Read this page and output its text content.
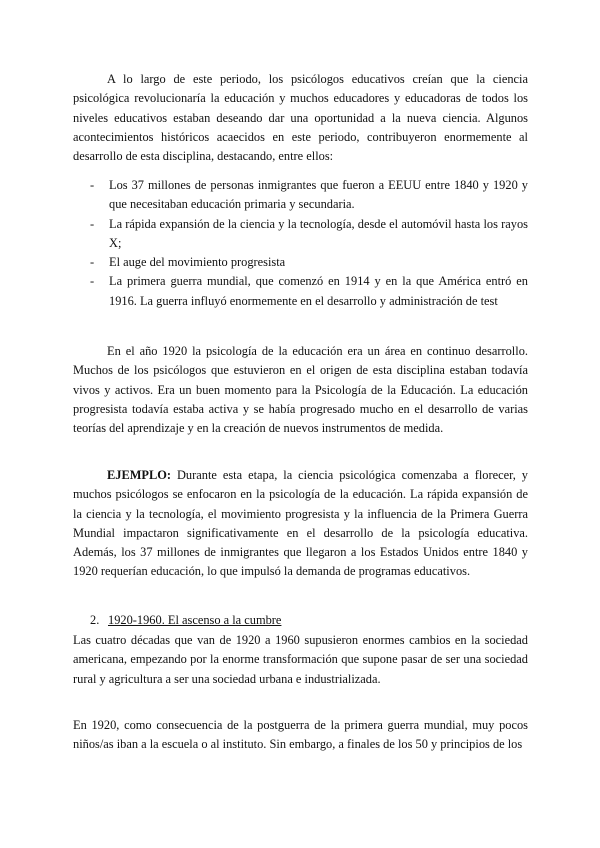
A lo largo de este periodo, los psicólogos educativos creían que la ciencia psicológica revolucionaría la educación y muchos educadores y educadoras de todos los niveles educativos estaban deseando dar una oportunidad a la nueva ciencia. Algunos acontecimientos históricos acaecidos en este periodo, contribuyeron enormemente al desarrollo de esta disciplina, destacando, entre ellos:

- Los 37 millones de personas inmigrantes que fueron a EEUU entre 1840 y 1920 y que necesitaban educación primaria y secundaria.
- La rápida expansión de la ciencia y la tecnología, desde el automóvil hasta los rayos X;
- El auge del movimiento progresista
- La primera guerra mundial, que comenzó en 1914 y en la que América entró en 1916. La guerra influyó enormemente en el desarrollo y administración de test

En el año 1920 la psicología de la educación era un área en continuo desarrollo. Muchos de los psicólogos que estuvieron en el origen de esta disciplina estaban todavía vivos y activos. Era un buen momento para la Psicología de la Educación. La educación progresista todavía estaba activa y se había progresado mucho en el desarrollo de varias teorías del aprendizaje y en la creación de nuevos instrumentos de medida.

EJEMPLO: Durante esta etapa, la ciencia psicológica comenzaba a florecer, y muchos psicólogos se enfocaron en la psicología de la educación. La rápida expansión de la ciencia y la tecnología, el movimiento progresista y la influencia de la Primera Guerra Mundial impactaron significativamente en el desarrollo de la psicología educativa. Además, los 37 millones de inmigrantes que llegaron a los Estados Unidos entre 1840 y 1920 requerían educación, lo que impulsó la demanda de programas educativos.

2. 1920-1960. El ascenso a la cumbre

Las cuatro décadas que van de 1920 a 1960 supusieron enormes cambios en la sociedad americana, empezando por la enorme transformación que supone pasar de ser una sociedad rural y agricultura a ser una sociedad urbana e industrializada.

En 1920, como consecuencia de la postguerra de la primera guerra mundial, muy pocos niños/as iban a la escuela o al instituto. Sin embargo, a finales de los 50 y principios de los
